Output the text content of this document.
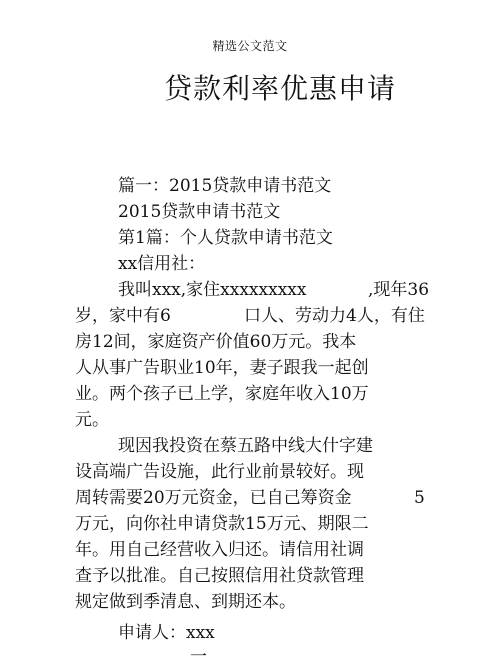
精选公文范文
贷款利率优惠申请
篇一：2015贷款申请书范文
2015贷款申请书范文
第1篇：个人贷款申请书范文
xx信用社：
我叫xxx,家住xxxxxxxxx	,现年36
岁，家中有6	口人、劳动力4人，有住
房12间，家庭资产价值60万元。我本
人从事广告职业10年，妻子跟我一起创
业。两个孩子已上学，家庭年收入10万
元。
现因我投资在蔡五路中线大什字建
设高端广告设施，此行业前景较好。现
周转需要20万元资金，已自己筹资金	5
万元，向你社申请贷款15万元、期限二
年。用自己经营收入归还。请信用社调
查予以批准。自己按照信用社贷款管理
规定做到季清息、到期还本。
申请人：xxx
一
